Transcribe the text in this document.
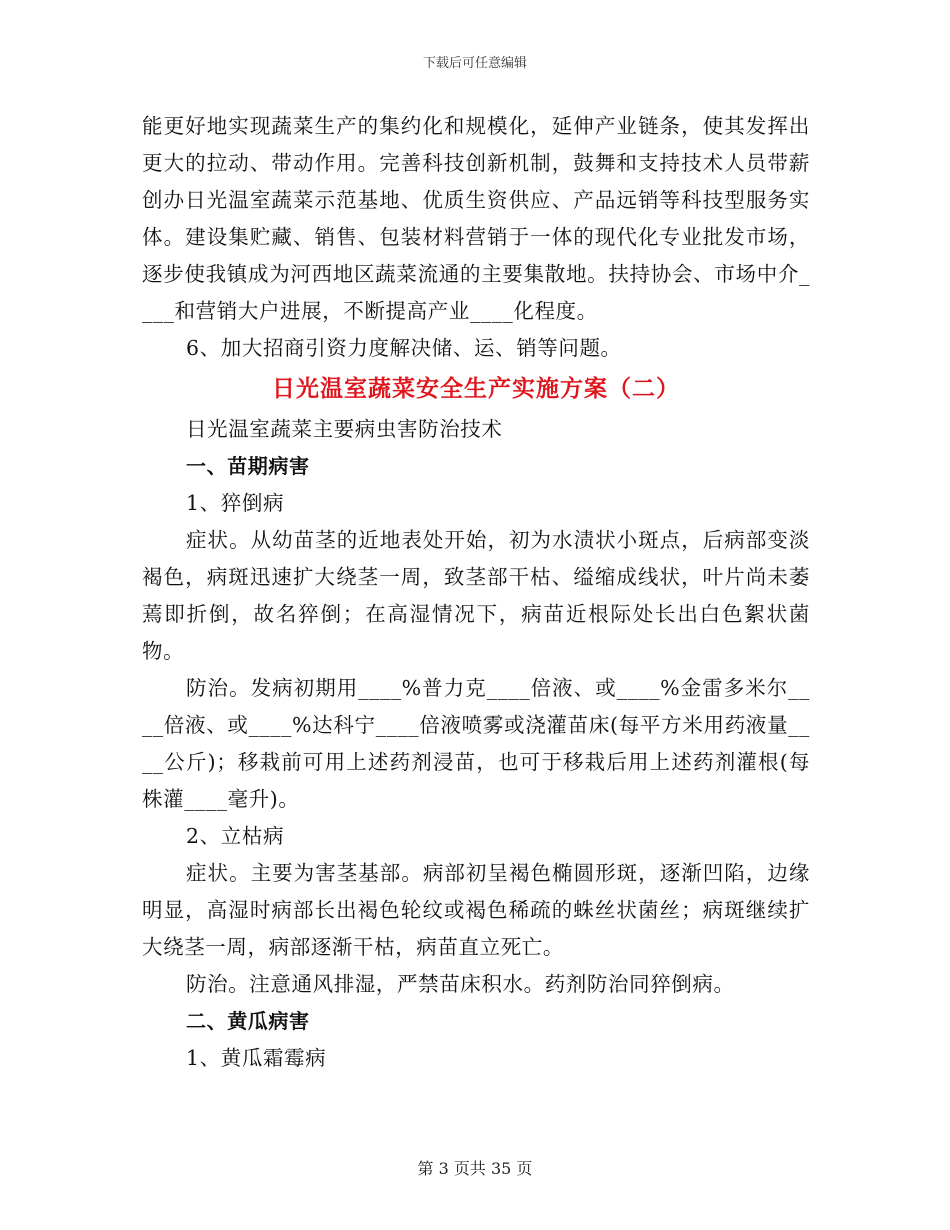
下载后可任意编辑

能更好地实现蔬菜生产的集约化和规模化，延伸产业链条，使其发挥出更大的拉动、带动作用。完善科技创新机制，鼓舞和支持技术人员带薪创办日光温室蔬菜示范基地、优质生资供应、产品远销等科技型服务实体。建设集贮藏、销售、包装材料营销于一体的现代化专业批发市场，逐步使我镇成为河西地区蔬菜流通的主要集散地。扶持协会、市场中介____和营销大户进展，不断提高产业____化程度。

6、加大招商引资力度解决储、运、销等问题。

日光温室蔬菜安全生产实施方案（二）

日光温室蔬菜主要病虫害防治技术

一、苗期病害

1、猝倒病

症状。从幼苗茎的近地表处开始，初为水渍状小斑点，后病部变淡褐色，病斑迅速扩大绕茎一周，致茎部干枯、缢缩成线状，叶片尚未萎蔫即折倒，故名猝倒；在高湿情况下，病苗近根际处长出白色絮状菌物。

防治。发病初期用____%普力克____倍液、或____%金雷多米尔____倍液、或____%达科宁____倍液喷雾或浇灌苗床(每平方米用药液量____公斤)；移栽前可用上述药剂浸苗，也可于移栽后用上述药剂灌根(每株灌____毫升)。

2、立枯病

症状。主要为害茎基部。病部初呈褐色椭圆形斑，逐渐凹陷，边缘明显，高湿时病部长出褐色轮纹或褐色稀疏的蛛丝状菌丝；病斑继续扩大绕茎一周，病部逐渐干枯，病苗直立死亡。

防治。注意通风排湿，严禁苗床积水。药剂防治同猝倒病。

二、黄瓜病害

1、黄瓜霜霉病

第 3 页共 35 页
